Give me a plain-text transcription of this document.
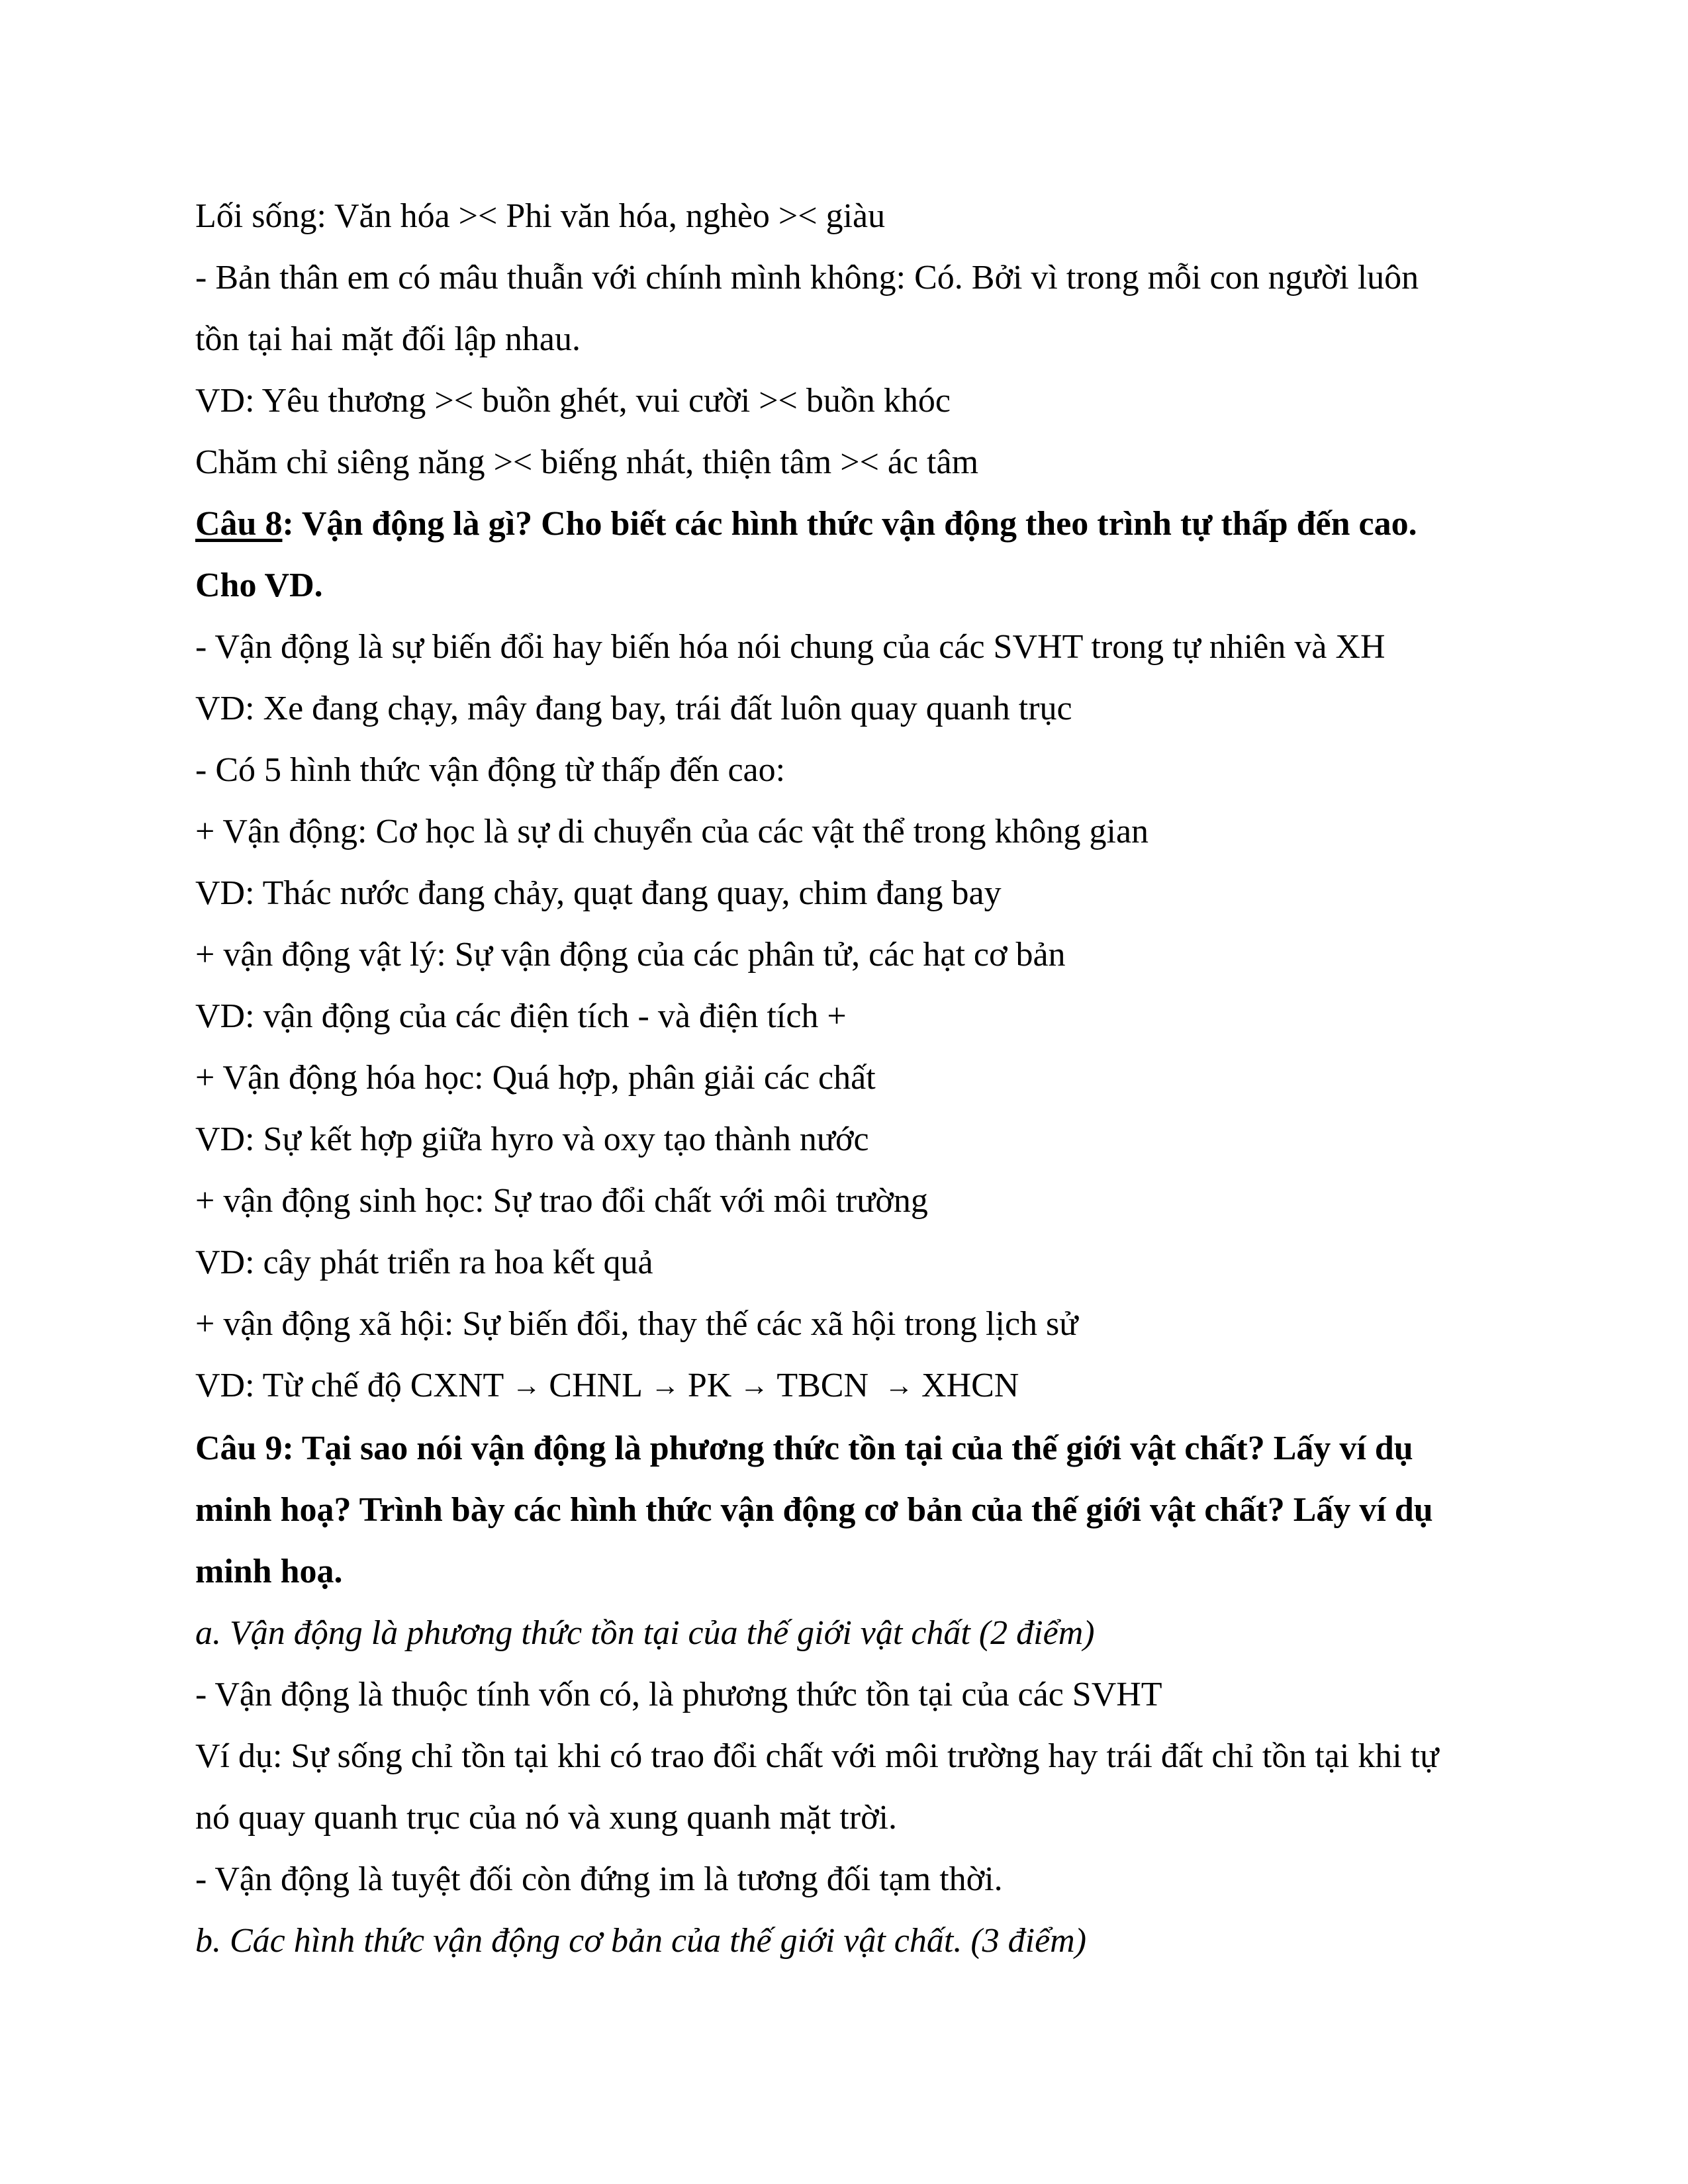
Lối sống: Văn hóa >< Phi văn hóa, nghèo >< giàu

- Bản thân em có mâu thuẫn với chính mình không: Có. Bởi vì trong mỗi con người luôn

tồn tại hai mặt đối lập nhau.

VD: Yêu thương >< buồn ghét, vui cười >< buồn khóc

Chăm chỉ siêng năng >< biếng nhát, thiện tâm >< ác tâm

Câu 8: Vận động là gì? Cho biết các hình thức vận động theo trình tự thấp đến cao.

Cho VD.

- Vận động là sự biến đổi hay biến hóa nói chung của các SVHT trong tự nhiên và XH

VD: Xe đang chạy, mây đang bay, trái đất luôn quay quanh trục

- Có 5 hình thức vận động từ thấp đến cao:

+ Vận động: Cơ học là sự di chuyển của các vật thể trong không gian

VD: Thác nước đang chảy, quạt đang quay, chim đang bay

+ vận động vật lý: Sự vận động của các phân tử, các hạt cơ bản

VD: vận động của các điện tích - và điện tích +

+ Vận động hóa học: Quá hợp, phân giải các chất

VD: Sự kết hợp giữa hyro và oxy tạo thành nước

+ vận động sinh học: Sự trao đổi chất với môi trường

VD: cây phát triển ra hoa kết quả

+ vận động xã hội: Sự biến đổi, thay thế các xã hội trong lịch sử

VD: Từ chế độ CXNT → CHNL → PK → TBCN → XHCN

Câu 9: Tại sao nói vận động là phương thức tồn tại của thế giới vật chất? Lấy ví dụ

minh hoạ? Trình bày các hình thức vận động cơ bản của thế giới vật chất? Lấy ví dụ

minh hoạ.

a. Vận động là phương thức tồn tại của thế giới vật chất (2 điểm)

- Vận động là thuộc tính vốn có, là phương thức tồn tại của các SVHT

Ví dụ: Sự sống chỉ tồn tại khi có trao đổi chất với môi trường hay trái đất chỉ tồn tại khi tự

nó quay quanh trục của nó và xung quanh mặt trời.

- Vận động là tuyệt đối còn đứng im là tương đối tạm thời.

b. Các hình thức vận động cơ bản của thế giới vật chất. (3 điểm)
